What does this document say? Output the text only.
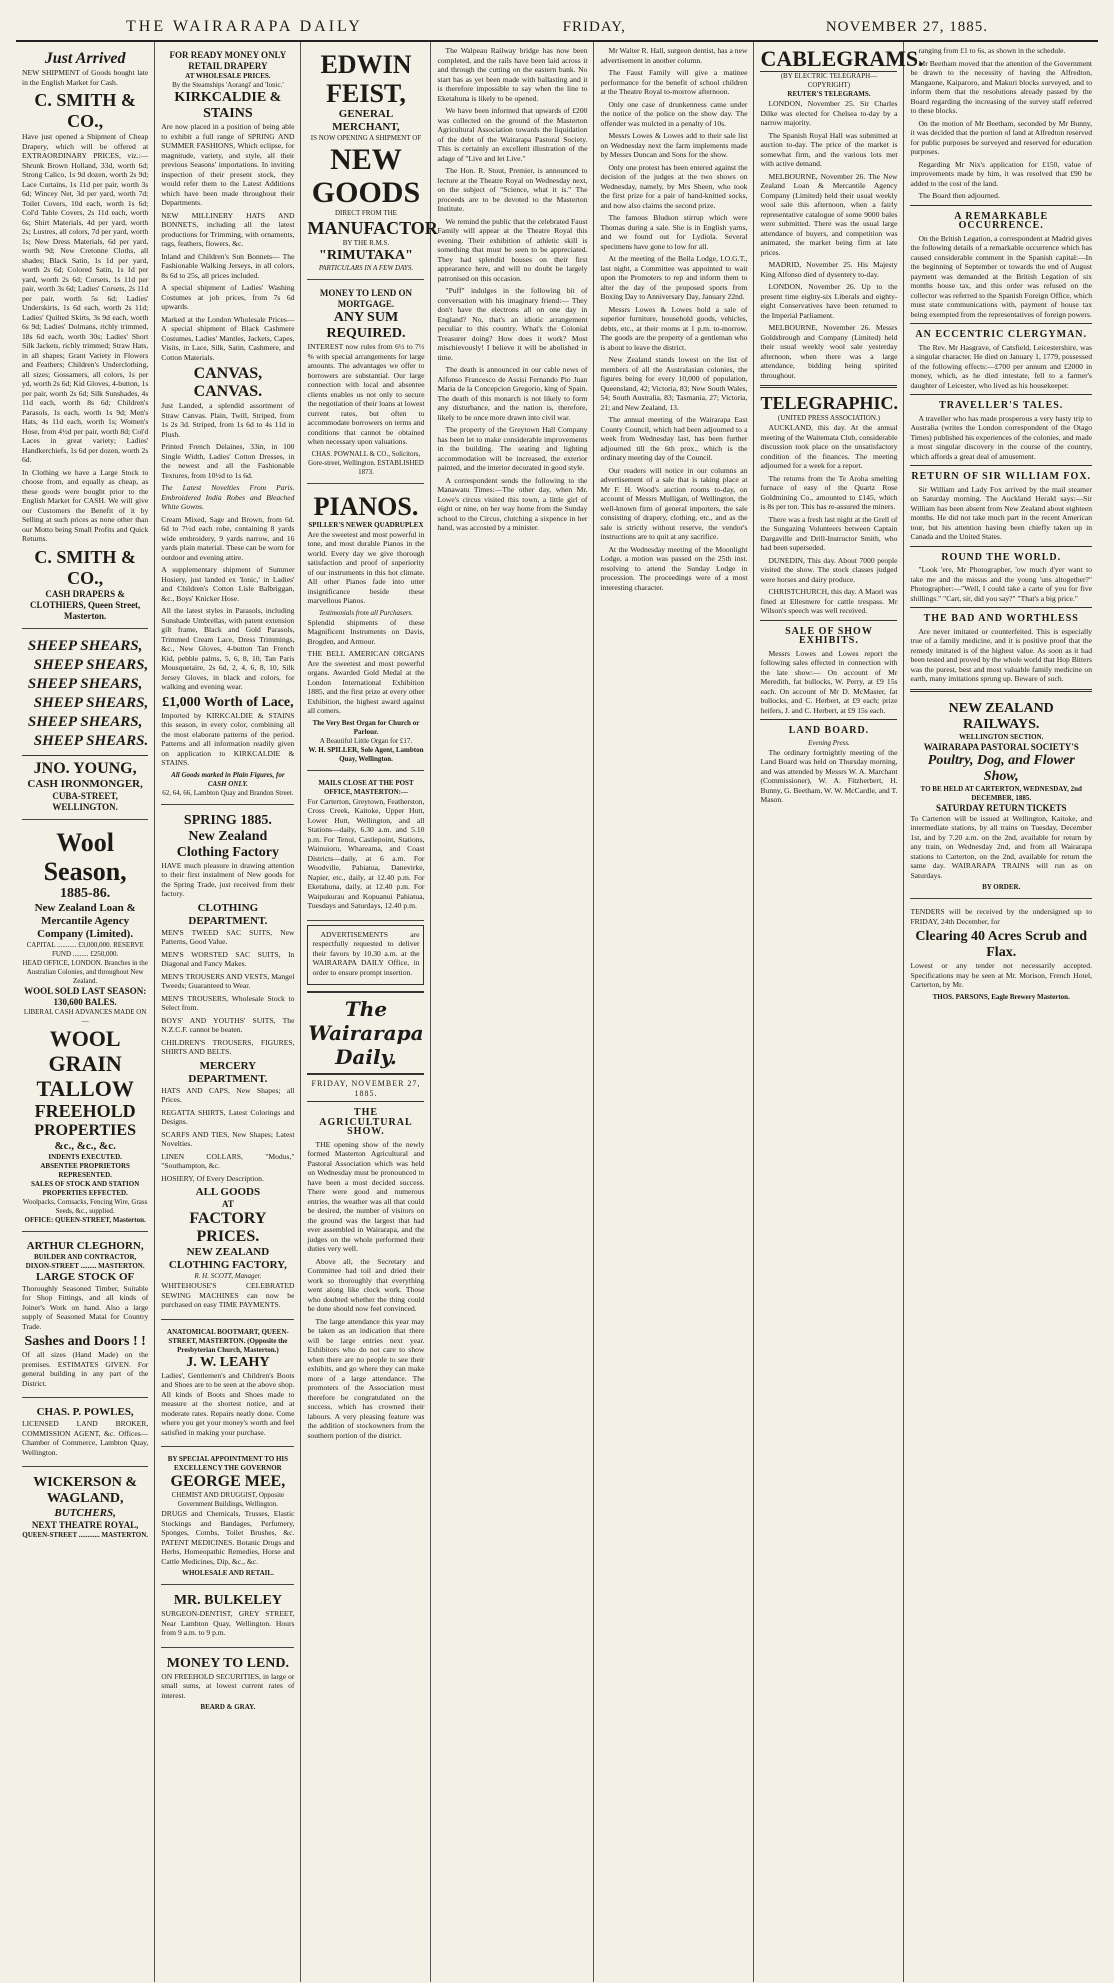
THE WAIRARAPA DAILY	FRIDAY,	NOVEMBER 27, 1885.
Just Arrived

NEW SHIPMENT of Goods bought late in the English Market for Cash.

C. SMITH & CO.,

Have just opened a Shipment of Cheap Drapery, which will be offered at EXTRAORDINARY PRICES, viz.:— Shrunk Brown Holland, 33d, worth 6d; Strong Calico, 1s 9d dozen, worth 2s 9d; Lace Curtains, 1s 11d per pair, worth 3s 6d; Wincey Net, 3d per yard, worth 7d; Toilet Covers, 10d each, worth 1s 6d; Col'd Table Covers, 2s 11d each, worth 6s; Shirt Materials, 4d per yard, worth 2s; Lustres, all colors, 7d per yard, worth 1s; New Dress Materials, 6d per yard, worth 9d; New Cretonne Cloths, all shades; Black Satin, 1s 1d per yard, worth 2s 6d; Colored Satin, 1s 1d per yard, worth 2s 6d; Corsets, 1s 11d per pair, worth 3s 6d; Ladies' Corsets, 2s 11d per pair, worth 5s 6d; Ladies' Underskirts, 1s 6d each, worth 2s 11d; Ladies' Quilted Skirts, 3s 9d each, worth 6s 9d; Ladies' Dolmans, richly trimmed, 18s 6d each, worth 30s; Ladies' Short Silk Jackets, richly trimmed; Straw Hats, in all shapes; Grant Variety in Flowers and Feathers; Children's Underclothing, all sizes; Gossamers, all colors, 1s per yd, worth 2s 6d; Kid Gloves, 4-button, 1s per pair, worth 2s 6d; Silk Sunshades, 4s 11d each, worth 8s 6d; Children's Parasols, 1s each, worth 1s 9d; Men's Hats, 4s 11d each, worth 1s; Women's Hose, from 4½d per pair, worth 8d; Col'd Laces in great variety; Ladies' Handkerchiefs, 1s 6d per dozen, worth 2s 6d.

In Clothing we have a Large Stock to choose from, and equally as cheap, as these goods were bought prior to the English Market for CASH. We will give our Customers the Benefit of it by Selling at such prices as none other than our Motto being Small Profits and Quick Returns.

C. SMITH & CO.,
CASH DRAPERS & CLOTHIERS, Queen Street, Masterton.
SHEEP SHEARS,
SHEEP SHEARS,
SHEEP SHEARS,
SHEEP SHEARS,
SHEEP SHEARS,
SHEEP SHEARS.
JNO. YOUNG,
CASH IRONMONGER,
CUBA-STREET, WELLINGTON.
Wool Season,
1885-86.
New Zealand Loan & Mercantile Agency Company (Limited).
CAPITAL ........... £3,000,000. RESERVE FUND ......... £250,000.
HEAD OFFICE, LONDON. Branches in the Australian Colonies, and throughout New Zealand.
WOOL SOLD LAST SEASON: 130,600 BALES.
LIBERAL CASH ADVANCES MADE ON—
WOOL
GRAIN
TALLOW
FREEHOLD
PROPERTIES
&c., &c., &c.
INDENTS EXECUTED.
ABSENTEE PROPRIETORS REPRESENTED.
SALES OF STOCK AND STATION PROPERTIES EFFECTED.
Woolpacks, Cornsacks, Fencing Wire, Grass Seeds, &c., supplied.
OFFICE: QUEEN-STREET, Masterton.
ARTHUR CLEGHORN,
BUILDER AND CONTRACTOR, DIXON-STREET ......... MASTERTON.
LARGE STOCK OF

Thoroughly Seasoned Timber, Suitable for Shop Fittings, and all kinds of Joiner's Work on hand. Also a large supply of Seasoned Matai for Country Trade.

Sashes and Doors ! !

Of all sizes (Hand Made) on the premises. ESTIMATES GIVEN. For general building in any part of the District.

CHAS. P. POWLES,

LICENSED LAND BROKER, COMMISSION AGENT, &c. Offices—Chamber of Commerce, Lambton Quay, Wellington.

WICKERSON & WAGLAND,
BUTCHERS,
NEXT THEATRE ROYAL,
QUEEN-STREET ............ MASTERTON.
FOR READY MONEY ONLY
RETAIL DRAPERY
AT WHOLESALE PRICES.
By the Steamships 'Aorangi' and 'Ionic.'
KIRKCALDIE & STAINS

Are now placed in a position of being able to exhibit a full range of SPRING AND SUMMER FASHIONS, Which eclipse, for magnitude, variety, and style, all their previous Seasons' importations. In inviting inspection of their present stock, they would refer them to the Latest Additions which have been made throughout their Departments.

NEW MILLINERY HATS AND BONNETS, including all the latest productions for Trimming, with ornaments, rags, feathers, flowers, &c.

Inland and Children's Sun Bonnets— The Fashionable Walking Jerseys, in all colors, 8s 6d to 25s, all prices included.

A special shipment of Ladies' Washing Costumes at job prices, from 7s 6d upwards.

Marked at the London Wholesale Prices—A special shipment of Black Cashmere Costumes, Ladies' Mantles, Jackets, Capes, Visits, in Lace, Silk, Satin, Cashmere, and Cotton Materials.

CANVAS, CANVAS.

Just Landed, a splendid assortment of Straw Canvas. Plain, Twill, Striped, from 1s 2s 3d. Striped, from 1s 6d to 4s 11d in Plush.

Printed French Delaines, 33in, in 100 Single Width, Ladies' Cotton Dresses, in the newest and all the Fashionable Textures, from 10½d to 1s 6d.

The Latest Novelties From Paris. Embroidered India Robes and Bleached White Gowns.

Cream Mixed, Sage and Brown, from 6d. 6d to 7½d each robe, containing 8 yards wide embroidery, 9 yards narrow, and 16 yards plain material. These can be worn for outdoor and evening attire.

A supplementary shipment of Summer Hosiery, just landed ex 'Ionic,' in Ladies' and Children's Cotton Lisle Balbriggan, &c., Boys' Knicker Hose.

All the latest styles in Parasols, including Sunshade Umbrellas, with patent extension gilt frame, Black and Gold Parasols, Trimmed Cream Lace, Dress Trimmings, &c., New Gloves, 4-button Tan French Kid, pebble palms, 5, 6, 8, 10, Tan Paris Mousquetaire, 2s 6d, 2, 4, 6, 8, 10, Silk Jersey Gloves, in black and colors, for walking and evening wear.

£1,000 Worth of Lace,

Imported by KIRKCALDIE & STAINS this season, in every color, combining all the most elaborate patterns of the period. Patterns and all information readily given on application to KIRKCALDIE & STAINS.

All Goods marked in Plain Figures, for CASH ONLY.
62, 64, 66, Lambton Quay and Brandon Street.
SPRING 1885.
New Zealand Clothing Factory

HAVE much pleasure in drawing attention to their first instalment of New goods for the Spring Trade, just received from their factory.

CLOTHING DEPARTMENT.

MEN'S TWEED SAC SUITS, New Patterns, Good Value.

MEN'S WORSTED SAC SUITS, In Diagonal and Fancy Makes.

MEN'S TROUSERS AND VESTS, Mangel Tweeds; Guaranteed to Wear.

MEN'S TROUSERS, Wholesale Stock to Select from.

BOYS' AND YOUTHS' SUITS, The N.Z.C.F. cannot be beaten.

CHILDREN'S TROUSERS, FIGURES, SHIRTS AND BELTS.

MERCERY DEPARTMENT.

HATS AND CAPS, New Shapes; all Prices.

REGATTA SHIRTS, Latest Colorings and Designs.

SCARFS AND TIES, New Shapes; Latest Novelties.

LINEN COLLARS, "Modus," "Southampton, &c.

HOSIERY, Of Every Description.

ALL GOODS
AT
FACTORY PRICES.
NEW ZEALAND CLOTHING FACTORY,
R. H. SCOTT, Manager.

WHITEHOUSE'S CELEBRATED SEWING MACHINES can now be purchased on easy TIME PAYMENTS.

ANATOMICAL BOOTMART, QUEEN-STREET, MASTERTON. (Opposite the Presbyterian Church, Masterton.)
J. W. LEAHY

Ladies', Gentlemen's and Children's Boots and Shoes are to be seen at the above shop. All kinds of Boots and Shoes made to measure at the shortest notice, and at moderate rates. Repairs neatly done. Come where you get your money's worth and feel satisfied in making your purchase.

BY SPECIAL APPOINTMENT TO HIS EXCELLENCY THE GOVERNOR
GEORGE MEE,
CHEMIST AND DRUGGIST, Opposite Government Buildings, Wellington.

DRUGS and Chemicals, Trusses, Elastic Stockings and Bandages, Perfumery, Sponges, Combs, Toilet Brushes, &c. PATENT MEDICINES. Botanic Drugs and Herbs, Homeopathic Remedies, Horse and Cattle Medicines, Dip, &c., &c.

WHOLESALE AND RETAIL.
MR. BULKELEY

SURGEON-DENTIST, GREY STREET, Near Lambton Quay, Wellington. Hours from 9 a.m. to 9 p.m.

MONEY TO LEND.

ON FREEHOLD SECURITIES, in large or small sums, at lowest current rates of interest.

BEARD & GRAY.
EDWIN FEIST,
GENERAL MERCHANT,
IS NOW OPENING A SHIPMENT OF
NEW GOODS
DIRECT FROM THE
MANUFACTOR
BY THE R.M.S.
"RIMUTAKA"
PARTICULARS IN A FEW DAYS.
MONEY TO LEND ON MORTGAGE.
ANY SUM REQUIRED.

INTEREST now rules from 6½ to 7½ % with special arrangements for large amounts. The advantages we offer to borrowers are substantial. Our large connection with local and absentee clients enables us not only to secure the negotiation of their loans at lowest current rates, but often to accommodate borrowers on terms and conditions that cannot be obtained when necessary upon valuations.

CHAS. POWNALL & CO., Solicitors, Gore-street, Wellington. ESTABLISHED 1873.
PIANOS.
SPILLER'S NEWER QUADRUPLEX

Are the sweetest and most powerful in tone, and most durable Pianos in the world. Every day we give thorough satisfaction and proof of superiority of our instruments in this hot climate. All other Pianos fade into utter insignificance beside these marvellous Pianos.

Testimonials from all Purchasers.

Splendid shipments of these Magnificent Instruments on Davis, Brogden, and Armour.

THE BELL AMERICAN ORGANS Are the sweetest and most powerful organs. Awarded Gold Medal at the London International Exhibition 1885, and the first prize at every other Exhibition, the highest award against all comers.

The Very Best Organ for Church or Parlour.
A Beautiful Little Organ for £17.
W. H. SPILLER, Sole Agent, Lambton Quay, Wellington.
MAILS CLOSE AT THE POST OFFICE, MASTERTON:—

For Carterton, Greytown, Featherston, Cross Creek, Kaitoke, Upper Hutt, Lower Hutt, Wellington, and all Stations—daily, 6.30 a.m. and 5.10 p.m. For Tenui, Castlepoint, Stations, Wainuioru, Whareama, and Coast Districts—daily, at 6 a.m. For Woodville, Pahiatua, Danevirke, Napier, etc., daily, at 12.40 p.m. For Eketahuna, daily, at 12.40 p.m. For Waipukurau and Kopuanui Pahiatua, Tuesdays and Saturdays, 12.40 p.m.

ADVERTISEMENTS are respectfully requested to deliver their favors by 10.30 a.m. at the WAIRARAPA DAILY Office, in order to ensure prompt insertion.

The Wairarapa Daily.
FRIDAY, NOVEMBER 27, 1885.
THE AGRICULTURAL SHOW.

THE opening show of the newly formed Masterton Agricultural and Pastoral Association which was held on Wednesday must be pronounced to have been a most decided success. There were good and numerous entries, the weather was all that could be desired, the number of visitors on the ground was the largest that had ever assembled in Wairarapa, and the judges on the whole performed their duties very well.

Above all, the Secretary and Committee had toil and dried their work so thoroughly that everything went along like clock work. Those who doubted whether the thing could be done should now feel convinced.

The large attendance this year may be taken as an indication that there will be large entries next year. Exhibitors who do not care to show when there are no people to see their exhibits, and go where they can make more of a large attendance. The promoters of the Association must therefore be congratulated on the success, which has crowned their labours. A very pleasing feature was the addition of stockowners from the southern portion of the district.

The Walpeau Railway bridge has now been completed, and the rails have been laid across it and through the cutting on the eastern bank. No start has as yet been made with ballasting and it is therefore impossible to say when the line to Eketahuna is likely to be opened.

We have been informed that upwards of £200 was collected on the ground of the Masterton Agricultural Association towards the liquidation of the debt of the Wairarapa Pastoral Society. This is certainly an excellent illustration of the adage of "Live and let Live."

The Hon. R. Stout, Premier, is announced to lecture at the Theatre Royal on Wednesday next, on the subject of "Science, what it is." The proceeds are to be devoted to the Masterton Institute.

We remind the public that the celebrated Faust Family will appear at the Theatre Royal this evening. Their exhibition of athletic skill is something that must be seen to be appreciated. They had splendid houses on their first appearance here, and will no doubt be largely patronised on this occasion.

"Puff" indulges in the following bit of conversation with his imaginary friend:— They don't have the electrons all on one day in England? No, that's an idiotic arrangement peculiar to this country. What's the Colonial Treasurer doing? How does it work? Most mischievously! I believe it will be abolished in time.

The death is announced in our cable news of Alfonso Francesco de Assisi Fernando Pio Juan Maria de la Concepcion Gregorio, king of Spain. The death of this monarch is not likely to form any disturbance, and the nation is, therefore, likely to be once more drawn into civil war.

The property of the Greytown Hall Company has been let to make considerable improvements in the building. The seating and lighting accommodation will be increased, the exterior painted, and the interior decorated in good style.

A correspondent sends the following to the Manawatu Times:—The other day, when Mr. Lowe's circus visited this town, a little girl of eight or nine, on her way home from the Sunday school to the Circus, clutching a sixpence in her hand, was accosted by a minister.

Mr Walter R. Hall, surgeon dentist, has a new advertisement in another column.

The Faust Family will give a matinee performance for the benefit of school children at the Theatre Royal to-morrow afternoon.

Only one case of drunkenness came under the notice of the police on the show day. The offender was mulcted in a penalty of 10s.

Messrs Lowes & Lowes add to their sale list on Wednesday next the farm implements made by Messrs Duncan and Sons for the show.

Only one protest has been entered against the decision of the judges at the two shows on Wednesday, namely, by Mrs Sheen, who took the first prize for a pair of hand-knitted socks, and now also claims the second prize.

The famous Bludson stirrup which were Thomas during a sale. She is in English yarns, and we found out for Lydiola. Several specimens have gone to low for all.

At the meeting of the Bella Lodge, I.O.G.T., last night, a Committee was appointed to wait upon the Promoters to rep and inform them to alter the day of the proposed sports from Boxing Day to Anniversary Day, January 22nd.

Messrs Lowes & Lowes hold a sale of superior furniture, household goods, vehicles, debts, etc., at their rooms at 1 p.m. to-morrow. The goods are the property of a gentleman who is about to leave the district.

New Zealand stands lowest on the list of members of all the Australasian colonies, the figures being for every 10,000 of population, Queensland, 42; Victoria, 83; New South Wales, 54; South Australia, 83; Tasmania, 27; Victoria, 21; and New Zealand, 13.

The annual meeting of the Wairarapa East County Council, which had been adjourned to a week from Wednesday last, has been further adjourned till the 6th prox., which is the ordinary meeting day of the Council.

Our readers will notice in our columns an advertisement of a sale that is taking place at Mr F. H. Wood's auction rooms to-day, on account of Messrs Mulligan, of Wellington, the well-known firm of general importers, the sale consisting of drapery, clothing, etc., and as the sale is strictly without reserve, the vendor's instructions are to quit at any sacrifice.

At the Wednesday meeting of the Moonlight Lodge, a motion was passed on the 25th inst. resolving to attend the Sunday Lodge in procession. The proceedings were of a most interesting character.

CABLEGRAMS.
(BY ELECTRIC TELEGRAPH—COPYRIGHT)
REUTER'S TELEGRAMS.

LONDON, November 25. Sir Charles Dilke was elected for Chelsea to-day by a narrow majority.

The Spanish Royal Hall was submitted at auction to-day. The price of the market is somewhat firm, and the various lots met with active demand.

MELBOURNE, November 26. The New Zealand Loan & Mercantile Agency Company (Limited) held their usual weekly wool sale this afternoon, when a fairly representative catalogue of some 9000 bales were submitted. There was the usual large attendance of buyers, and competition was animated, the market being firm at late prices.

MADRID, November 25. His Majesty King Alfonso died of dysentery to-day.

LONDON, November 26. Up to the present time eighty-six Liberals and eighty-eight Conservatives have been returned to the Imperial Parliament.

MELBOURNE, November 26. Messrs Goldsbrough and Company (Limited) held their usual weekly wool sale yesterday afternoon, when there was a large attendance, bidding being spirited throughout.

TELEGRAPHIC.
(UNITED PRESS ASSOCIATION.)

AUCKLAND, this day. At the annual meeting of the Waitemata Club, considerable discussion took place on the unsatisfactory condition of the finances. The meeting adjourned for a week for a report.

The returns from the Te Aroha smelting furnace of easy of the Quartz Rose Goldmining Co., amounted to £145, which is 8s per ton. This has re-assured the miners.

There was a fresh last night at the Grell of the Sungazing Volunteers between Captain Dargaville and Drill-Instructor Smith, who had been superseded.

DUNEDIN, This day. About 7000 people visited the show. The stock classes judged were horses and dairy produce.

CHRISTCHURCH, this day. A Maori was fined at Ellesmere for cattle trespass. Mr Wilson's speech was well received.

SALE OF SHOW EXHIBITS.

Messrs Lowes and Lowes report the following sales effected in connection with the late show:— On account of Mr Meredith, fat bullocks, W. Perry, at £9 15s each. On account of Mr D. McMaster, fat bullocks, and C. Herbert, at £9 each; prize heifers, J. and C. Herbert, at £9 15s each.

LAND BOARD.
Evening Press.

The ordinary fortnightly meeting of the Land Board was held on Thursday morning, and was attended by Messrs W. A. Marchant (Commissioner), W. A. Fitzherbert, H. Bunny, G. Beetham, W. W. McCardle, and T. Mason.

ranging from £1 to 6s, as shown in the schedule.

Mr Beetham moved that the attention of the Government be drawn to the necessity of having the Alfredton, Mangaone, Kaiparoro, and Makuri blocks surveyed, and to inform them that the resolutions already passed by the Board regarding the increasing of the survey staff referred to these blocks.

On the motion of Mr Beetham, seconded by Mr Bunny, it was decided that the portion of land at Alfredton reserved for public purposes be surveyed and reserved for education purposes.

Regarding Mr Nix's application for £150, value of improvements made by him, it was resolved that £90 be added to the cost of the land.

The Board then adjourned.

A REMARKABLE OCCURRENCE.

On the British Legation, a correspondent at Madrid gives the following details of a remarkable occurrence which has caused considerable comment in the Spanish capital:—In the beginning of September or towards the end of August payment was demanded at the British Legation of six months house tax, and this order was refused on the collector was referred to the Spanish Foreign Office, which must state communications with, payment of house tax being exempted from the representatives of foreign powers.

AN ECCENTRIC CLERGYMAN.

The Rev. Mr Hasgrave, of Catsfield, Leicestershire, was a singular character. He died on January 1, 1779, possessed of the following effects:—£700 per annum and £2000 in money, which, as he died intestate, fell to a farmer's daughter of Leicester, who lived as his housekeeper.

TRAVELLER'S TALES.

A traveller who has made prosperous a very hasty trip to Australia (writes the London correspondent of the Otago Times) published his experiences of the colonies, and made a most singular discovery in the course of the country, which affords a great deal of amusement.

RETURN OF SIR WILLIAM FOX.

Sir William and Lady Fox arrived by the mail steamer on Saturday morning. The Auckland Herald says:—Sir William has been absent from New Zealand about eighteen months. He did not take much part in the recent American tour, but his attention having been chiefly taken up in Canada and the United States.

ROUND THE WORLD.

"Look 'ere, Mr Photographer, 'ow much d'yer want to take me and the missus and the young 'uns altogether?" Photographer:—"Well, I could take a carte of you for five shillings." "Cart, sir, did you say?" "That's a big price."

THE BAD AND WORTHLESS

Are never imitated or counterfeited. This is especially true of a family medicine, and it is positive proof that the remedy imitated is of the highest value. As soon as it had been tested and proved by the whole world that Hop Bitters was the purest, best and most valuable family medicine on earth, many imitations sprung up. Beware of such.

NEW ZEALAND RAILWAYS.
WELLINGTON SECTION.
WAIRARAPA PASTORAL SOCIETY'S
Poultry, Dog, and Flower Show,
TO BE HELD AT CARTERTON, WEDNESDAY, 2nd DECEMBER, 1885.
SATURDAY RETURN TICKETS

To Carterton will be issued at Wellington, Kaitoke, and intermediate stations, by all trains on Tuesday, December 1st, and by 7.20 a.m. on the 2nd, available for return by any train, on Wednesday 2nd, and from all Wairarapa stations to Carterton, on the 2nd, available for return the same day. WAIRARAPA TRAINS will run as on Saturdays.

BY ORDER.

TENDERS will be received by the undersigned up to FRIDAY, 24th December, for

Clearing 40 Acres Scrub and Flax.

Lowest or any tender not necessarily accepted. Specifications may be seen at Mr. Morison, French Hotel, Carterton, by Mr.

THOS. PARSONS, Eagle Brewery Masterton.
